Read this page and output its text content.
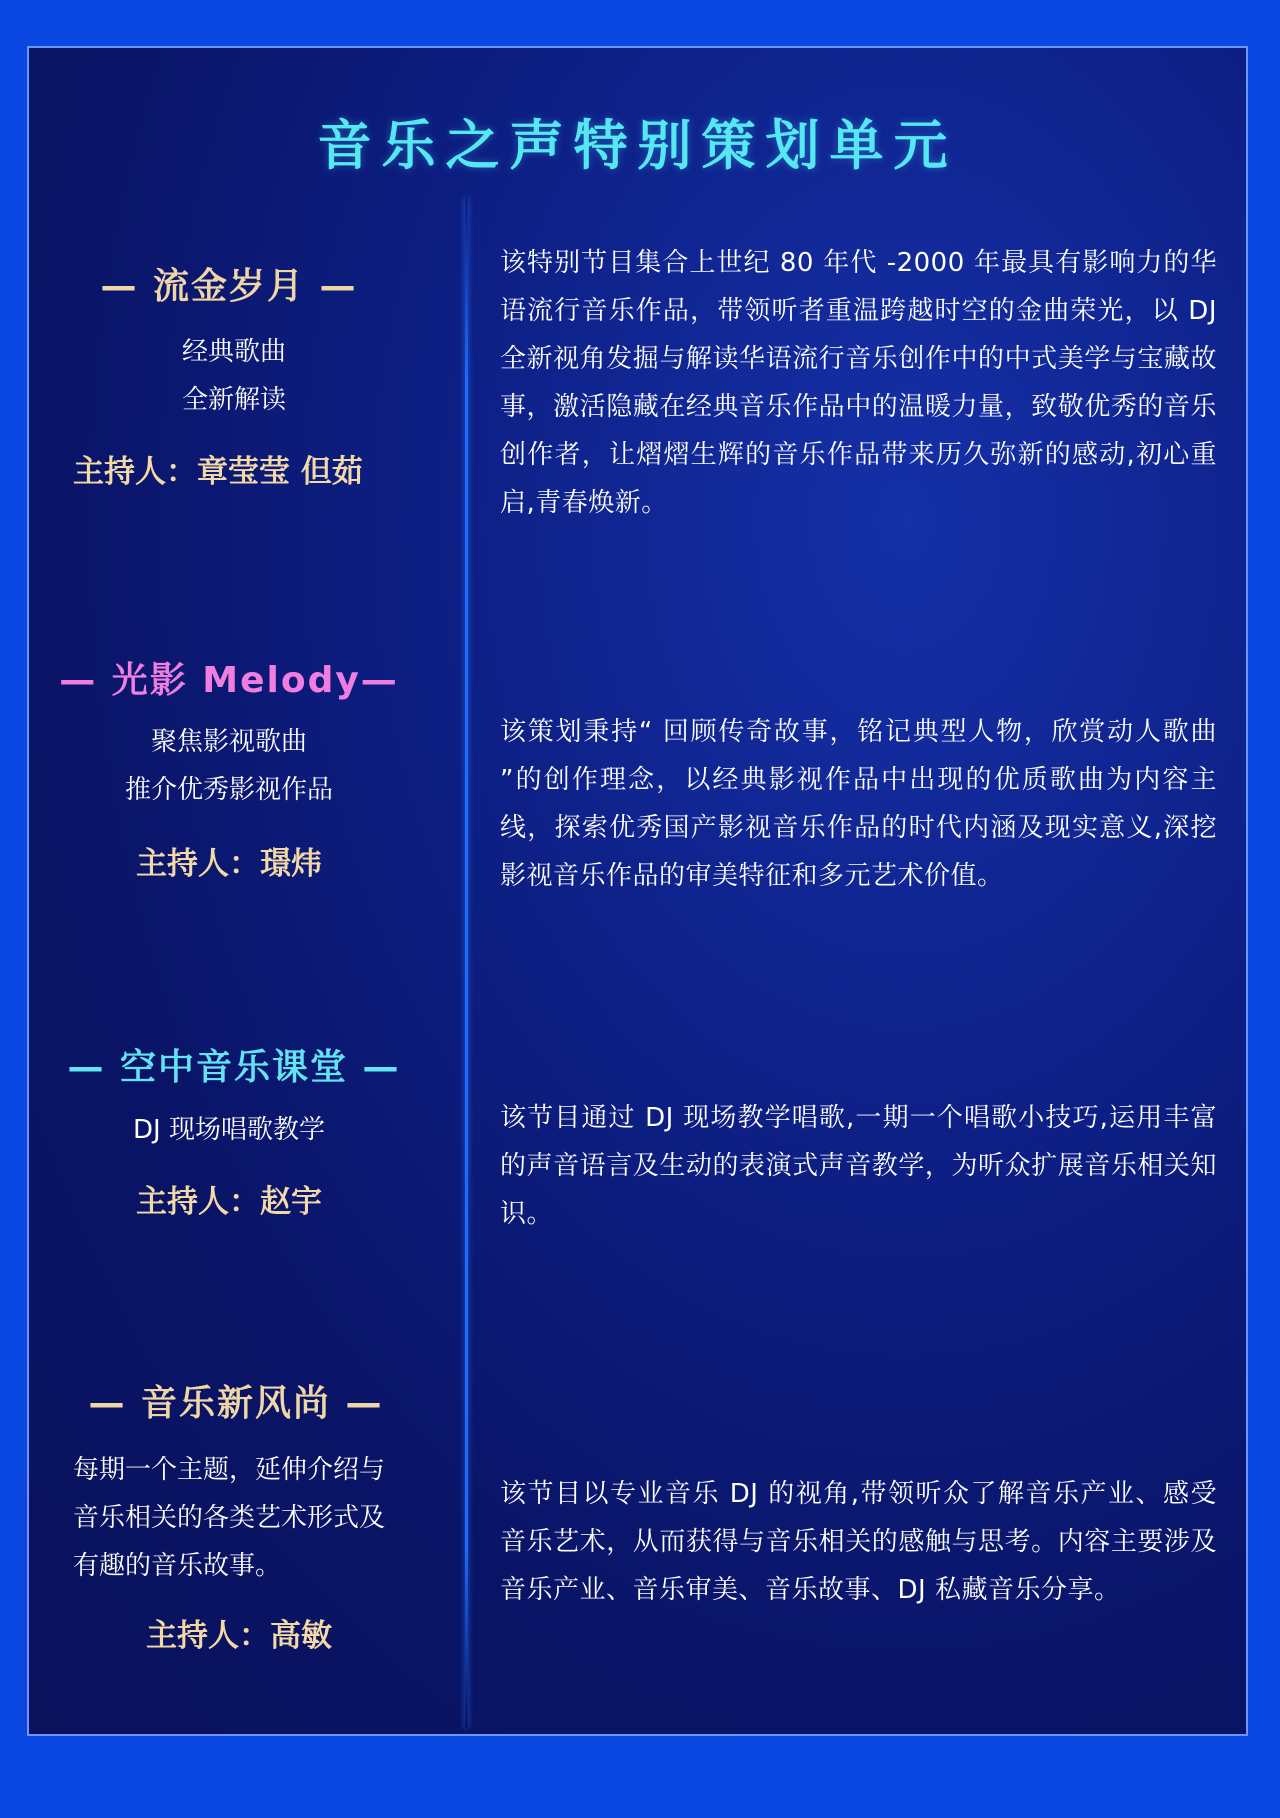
音乐之声特别策划单元
— 流金岁月 —
经典歌曲
全新解读
主持人：章莹莹 但茹
该特别节目集合上世纪 80 年代 -2000 年最具有影响力的华语流行音乐作品，带领听者重温跨越时空的金曲荣光，以 DJ 全新视角发掘与解读华语流行音乐创作中的中式美学与宝藏故事，激活隐藏在经典音乐作品中的温暖力量，致敬优秀的音乐创作者，让熠熠生辉的音乐作品带来历久弥新的感动,初心重启,青春焕新。
— 光影 Melody—
聚焦影视歌曲
推介优秀影视作品
主持人：璟炜
该策划秉持“ 回顾传奇故事，铭记典型人物，欣赏动人歌曲 ”的创作理念，以经典影视作品中出现的优质歌曲为内容主线，探索优秀国产影视音乐作品的时代内涵及现实意义,深挖影视音乐作品的审美特征和多元艺术价值。
— 空中音乐课堂 —
DJ 现场唱歌教学
主持人：赵宇
该节目通过 DJ 现场教学唱歌,一期一个唱歌小技巧,运用丰富的声音语言及生动的表演式声音教学，为听众扩展音乐相关知识。
— 音乐新风尚 —
每期一个主题，延伸介绍与
音乐相关的各类艺术形式及
有趣的音乐故事。
主持人：高敏
该节目以专业音乐 DJ 的视角,带领听众了解音乐产业、感受音乐艺术，从而获得与音乐相关的感触与思考。内容主要涉及音乐产业、音乐审美、音乐故事、DJ 私藏音乐分享。
